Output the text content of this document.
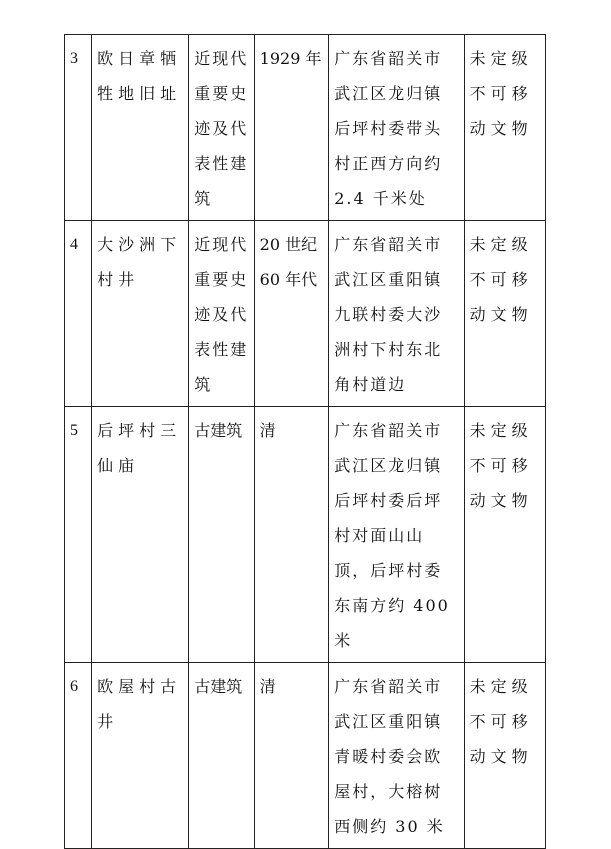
3	欧日章牺牲地旧址	近现代重要史迹及代表性建筑	1929 年	广东省韶关市武江区龙归镇后坪村委带头村正西方向约 2.4 千米处	未定级不可移动文物
4	大沙洲下村井	近现代重要史迹及代表性建筑	20 世纪 60 年代	广东省韶关市武江区重阳镇九联村委大沙洲村下村东北角村道边	未定级不可移动文物
5	后坪村三仙庙	古建筑	清	广东省韶关市武江区龙归镇后坪村委后坪村对面山山顶，后坪村委东南方约 400 米	未定级不可移动文物
6	欧屋村古井	古建筑	清	广东省韶关市武江区重阳镇青暖村委会欧屋村，大榕树西侧约 30 米	未定级不可移动文物
